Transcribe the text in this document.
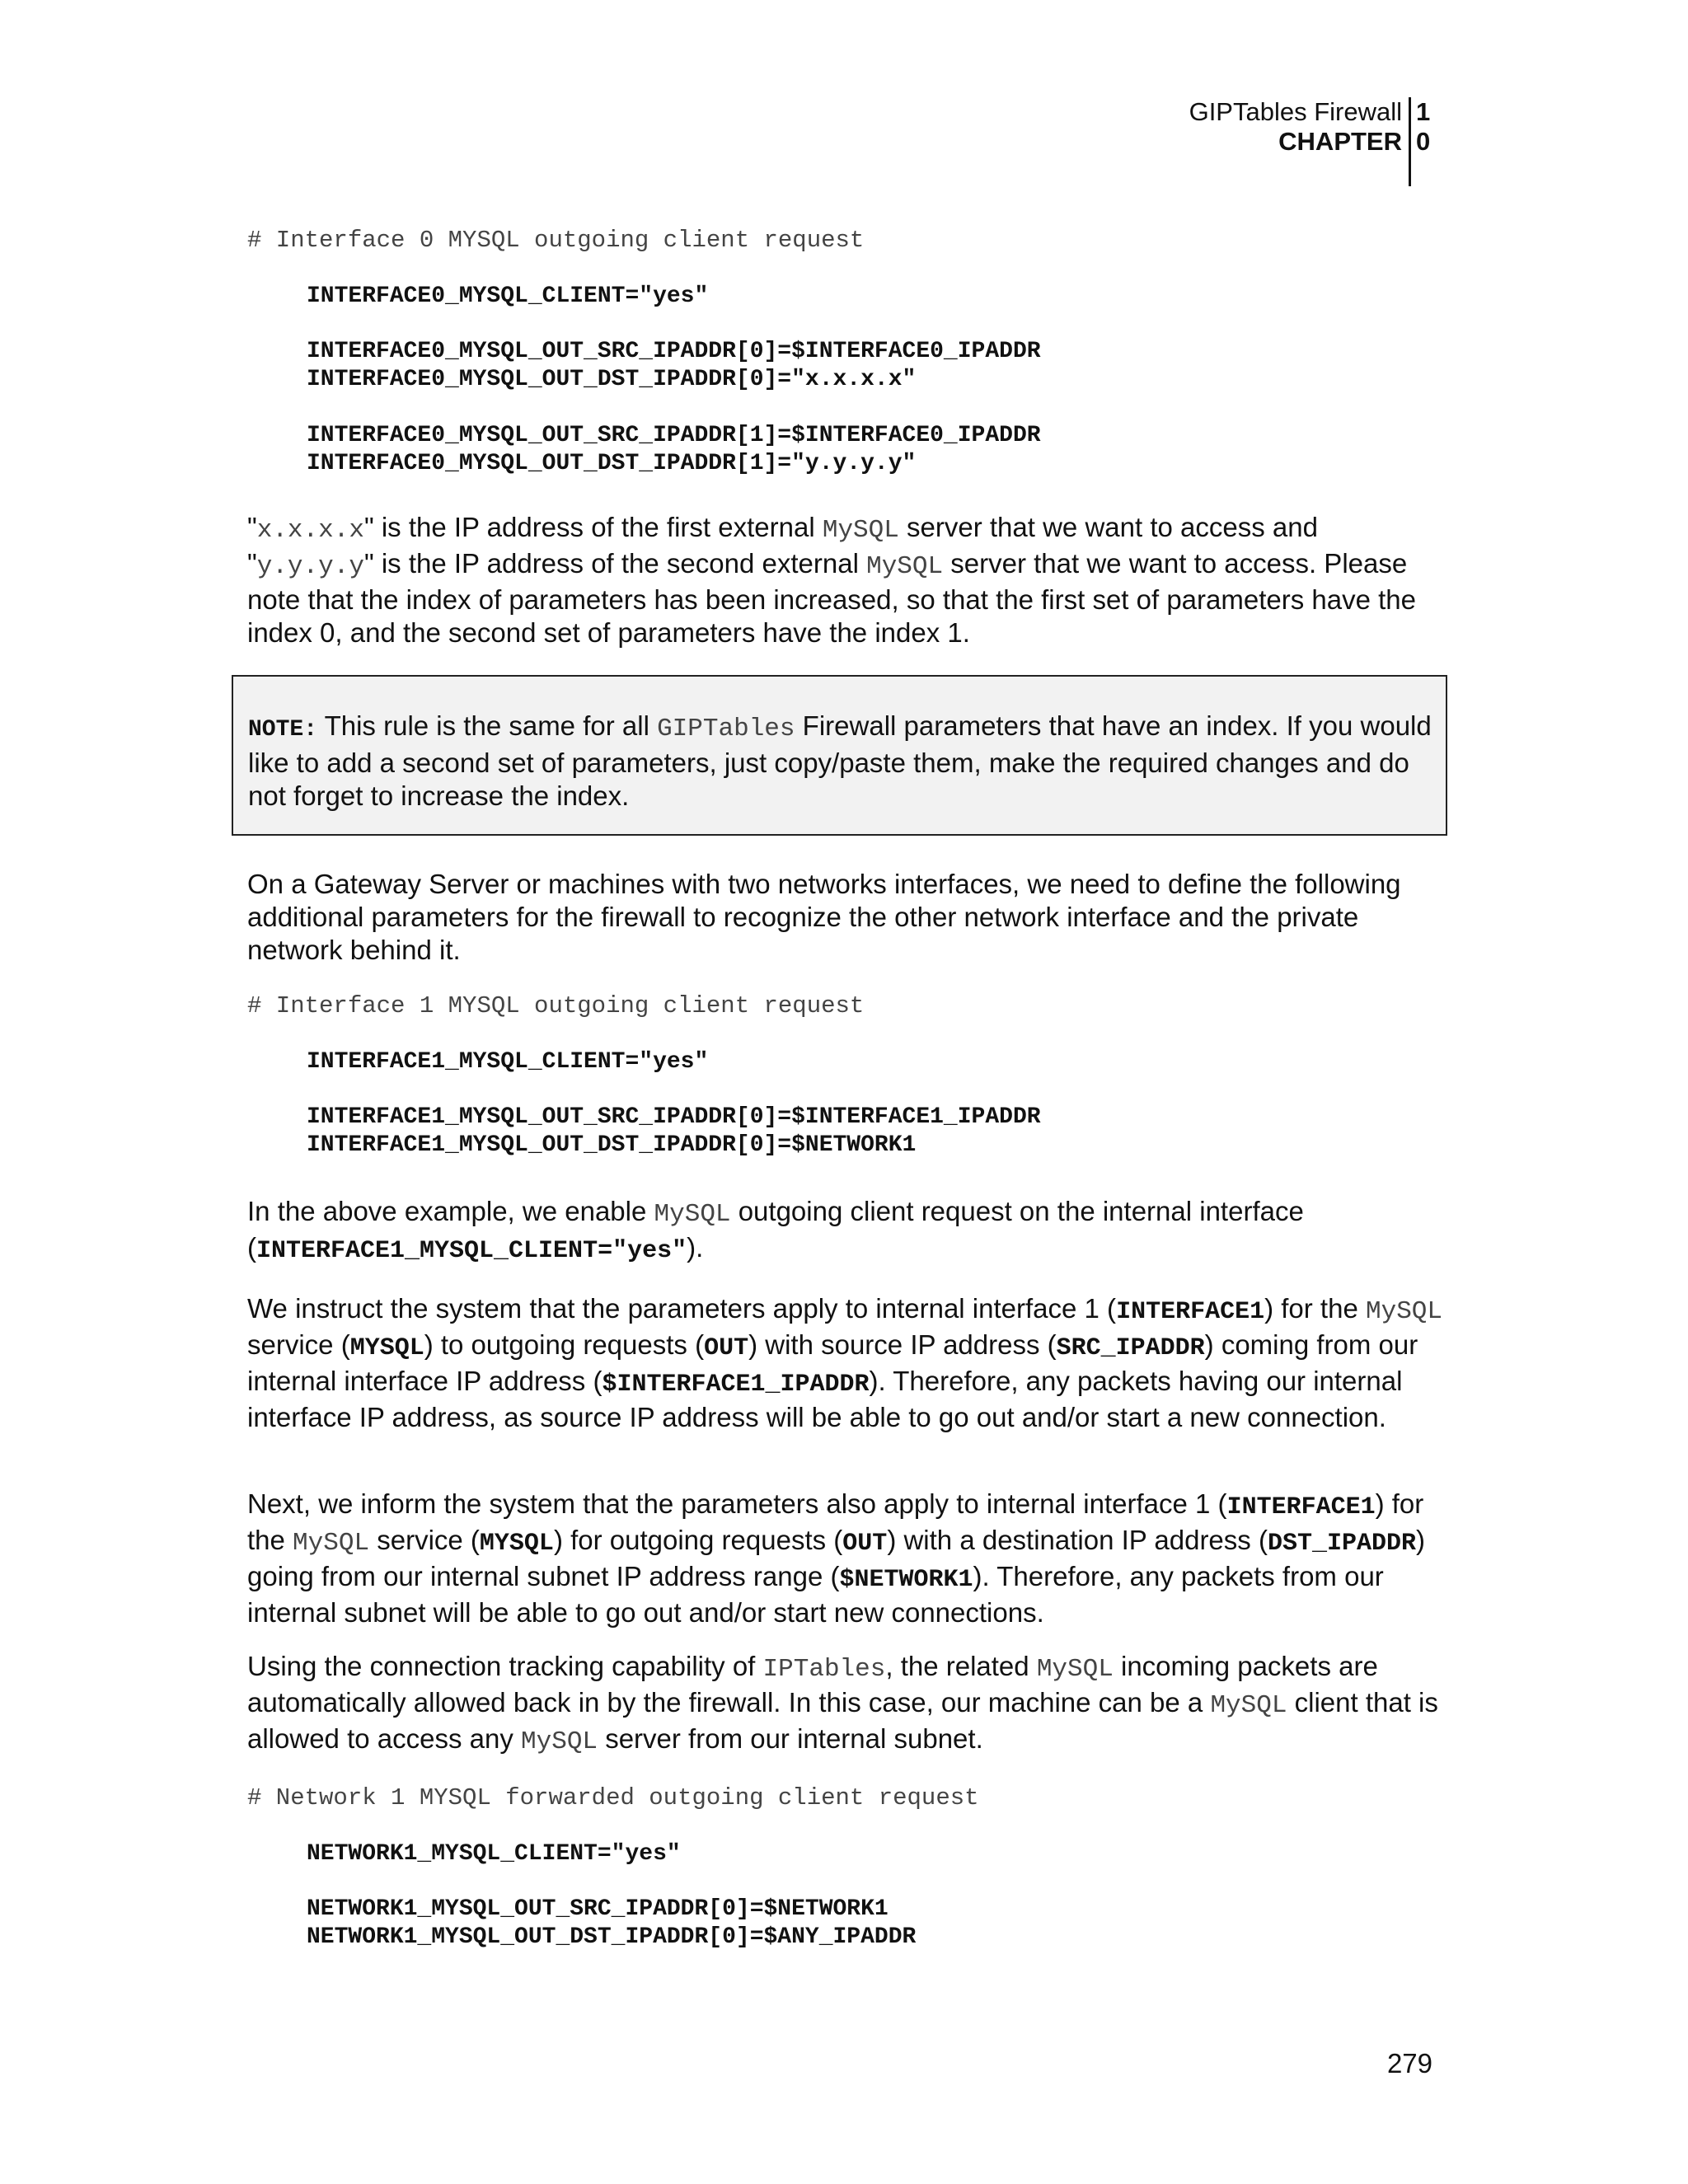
GIPTables Firewall 1
CHAPTER 0
# Interface 0 MYSQL outgoing client request
INTERFACE0_MYSQL_CLIENT="yes"
INTERFACE0_MYSQL_OUT_SRC_IPADDR[0]=$INTERFACE0_IPADDR
INTERFACE0_MYSQL_OUT_DST_IPADDR[0]="x.x.x.x"
INTERFACE0_MYSQL_OUT_SRC_IPADDR[1]=$INTERFACE0_IPADDR
INTERFACE0_MYSQL_OUT_DST_IPADDR[1]="y.y.y.y"
"x.x.x.x" is the IP address of the first external MySQL server that we want to access and "y.y.y.y" is the IP address of the second external MySQL server that we want to access. Please note that the index of parameters has been increased, so that the first set of parameters have the index 0, and the second set of parameters have the index 1.
NOTE: This rule is the same for all GIPTables Firewall parameters that have an index. If you would like to add a second set of parameters, just copy/paste them, make the required changes and do not forget to increase the index.
On a Gateway Server or machines with two networks interfaces, we need to define the following additional parameters for the firewall to recognize the other network interface and the private network behind it.
# Interface 1 MYSQL outgoing client request
INTERFACE1_MYSQL_CLIENT="yes"
INTERFACE1_MYSQL_OUT_SRC_IPADDR[0]=$INTERFACE1_IPADDR
INTERFACE1_MYSQL_OUT_DST_IPADDR[0]=$NETWORK1
In the above example, we enable MySQL outgoing client request on the internal interface (INTERFACE1_MYSQL_CLIENT="yes").
We instruct the system that the parameters apply to internal interface 1 (INTERFACE1) for the MySQL service (MYSQL) to outgoing requests (OUT) with source IP address (SRC_IPADDR) coming from our internal interface IP address ($INTERFACE1_IPADDR). Therefore, any packets having our internal interface IP address, as source IP address will be able to go out and/or start a new connection.
Next, we inform the system that the parameters also apply to internal interface 1 (INTERFACE1) for the MySQL service (MYSQL) for outgoing requests (OUT) with a destination IP address (DST_IPADDR) going from our internal subnet IP address range ($NETWORK1). Therefore, any packets from our internal subnet will be able to go out and/or start new connections.
Using the connection tracking capability of IPTables, the related MySQL incoming packets are automatically allowed back in by the firewall. In this case, our machine can be a MySQL client that is allowed to access any MySQL server from our internal subnet.
# Network 1 MYSQL forwarded outgoing client request
NETWORK1_MYSQL_CLIENT="yes"
NETWORK1_MYSQL_OUT_SRC_IPADDR[0]=$NETWORK1
NETWORK1_MYSQL_OUT_DST_IPADDR[0]=$ANY_IPADDR
279
